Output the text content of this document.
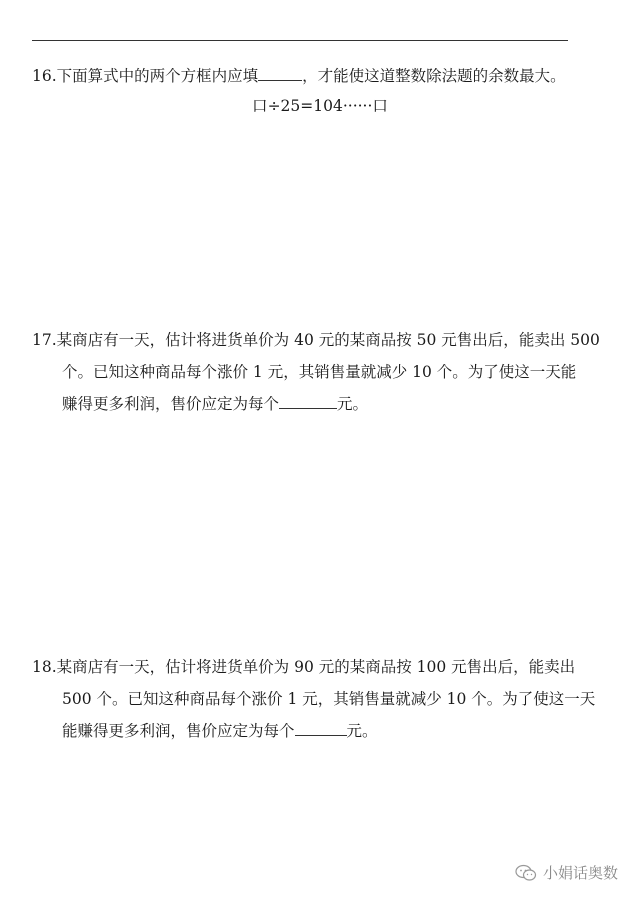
16.下面算式中的两个方框内应填	，才能使这道整数除法题的余数最大。
口÷25=104······口
17.某商店有一天，估计将进货单价为 40 元的某商品按 50 元售出后，能卖出 500
个。已知这种商品每个涨价 1 元，其销售量就减少 10 个。为了使这一天能
赚得更多利润，售价应定为每个	元。
18.某商店有一天，估计将进货单价为 90 元的某商品按 100 元售出后，能卖出
500 个。已知这种商品每个涨价 1 元，其销售量就减少 10 个。为了使这一天
能赚得更多利润，售价应定为每个	元。
小娟话奥数
